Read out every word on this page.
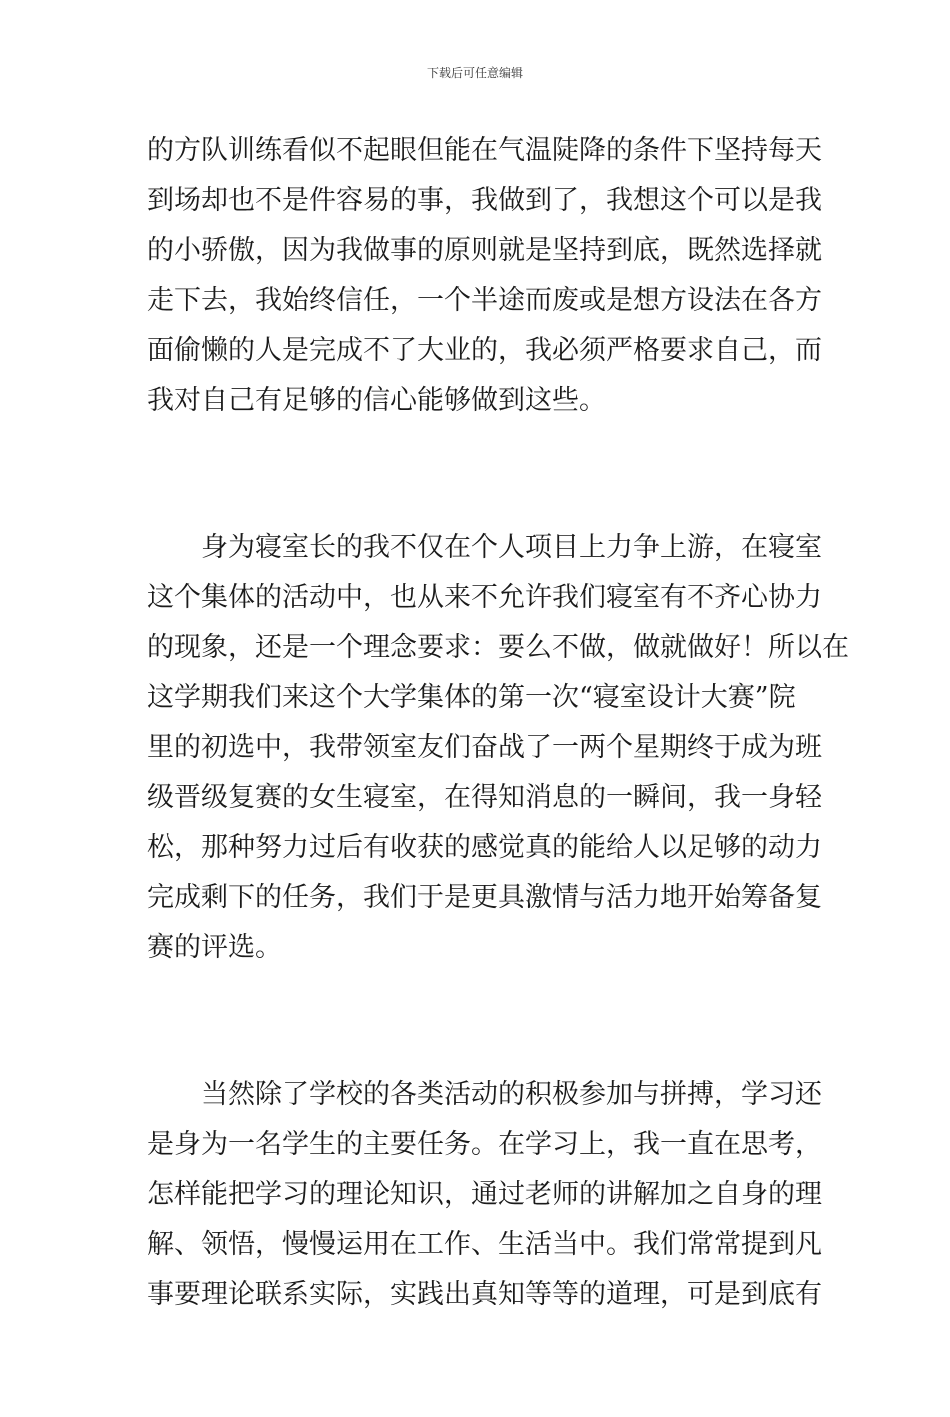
下载后可任意编辑
的方队训练看似不起眼但能在气温陡降的条件下坚持每天
到场却也不是件容易的事，我做到了，我想这个可以是我
的小骄傲，因为我做事的原则就是坚持到底，既然选择就
走下去，我始终信任，一个半途而废或是想方设法在各方
面偷懒的人是完成不了大业的，我必须严格要求自己，而
我对自己有足够的信心能够做到这些。
身为寝室长的我不仅在个人项目上力争上游，在寝室
这个集体的活动中，也从来不允许我们寝室有不齐心协力
的现象，还是一个理念要求：要么不做，做就做好！所以在
这学期我们来这个大学集体的第一次“寝室设计大赛”院
里的初选中，我带领室友们奋战了一两个星期终于成为班
级晋级复赛的女生寝室，在得知消息的一瞬间，我一身轻
松，那种努力过后有收获的感觉真的能给人以足够的动力
完成剩下的任务，我们于是更具激情与活力地开始筹备复
赛的评选。
当然除了学校的各类活动的积极参加与拼搏，学习还
是身为一名学生的主要任务。在学习上，我一直在思考，
怎样能把学习的理论知识，通过老师的讲解加之自身的理
解、领悟，慢慢运用在工作、生活当中。我们常常提到凡
事要理论联系实际，实践出真知等等的道理，可是到底有
